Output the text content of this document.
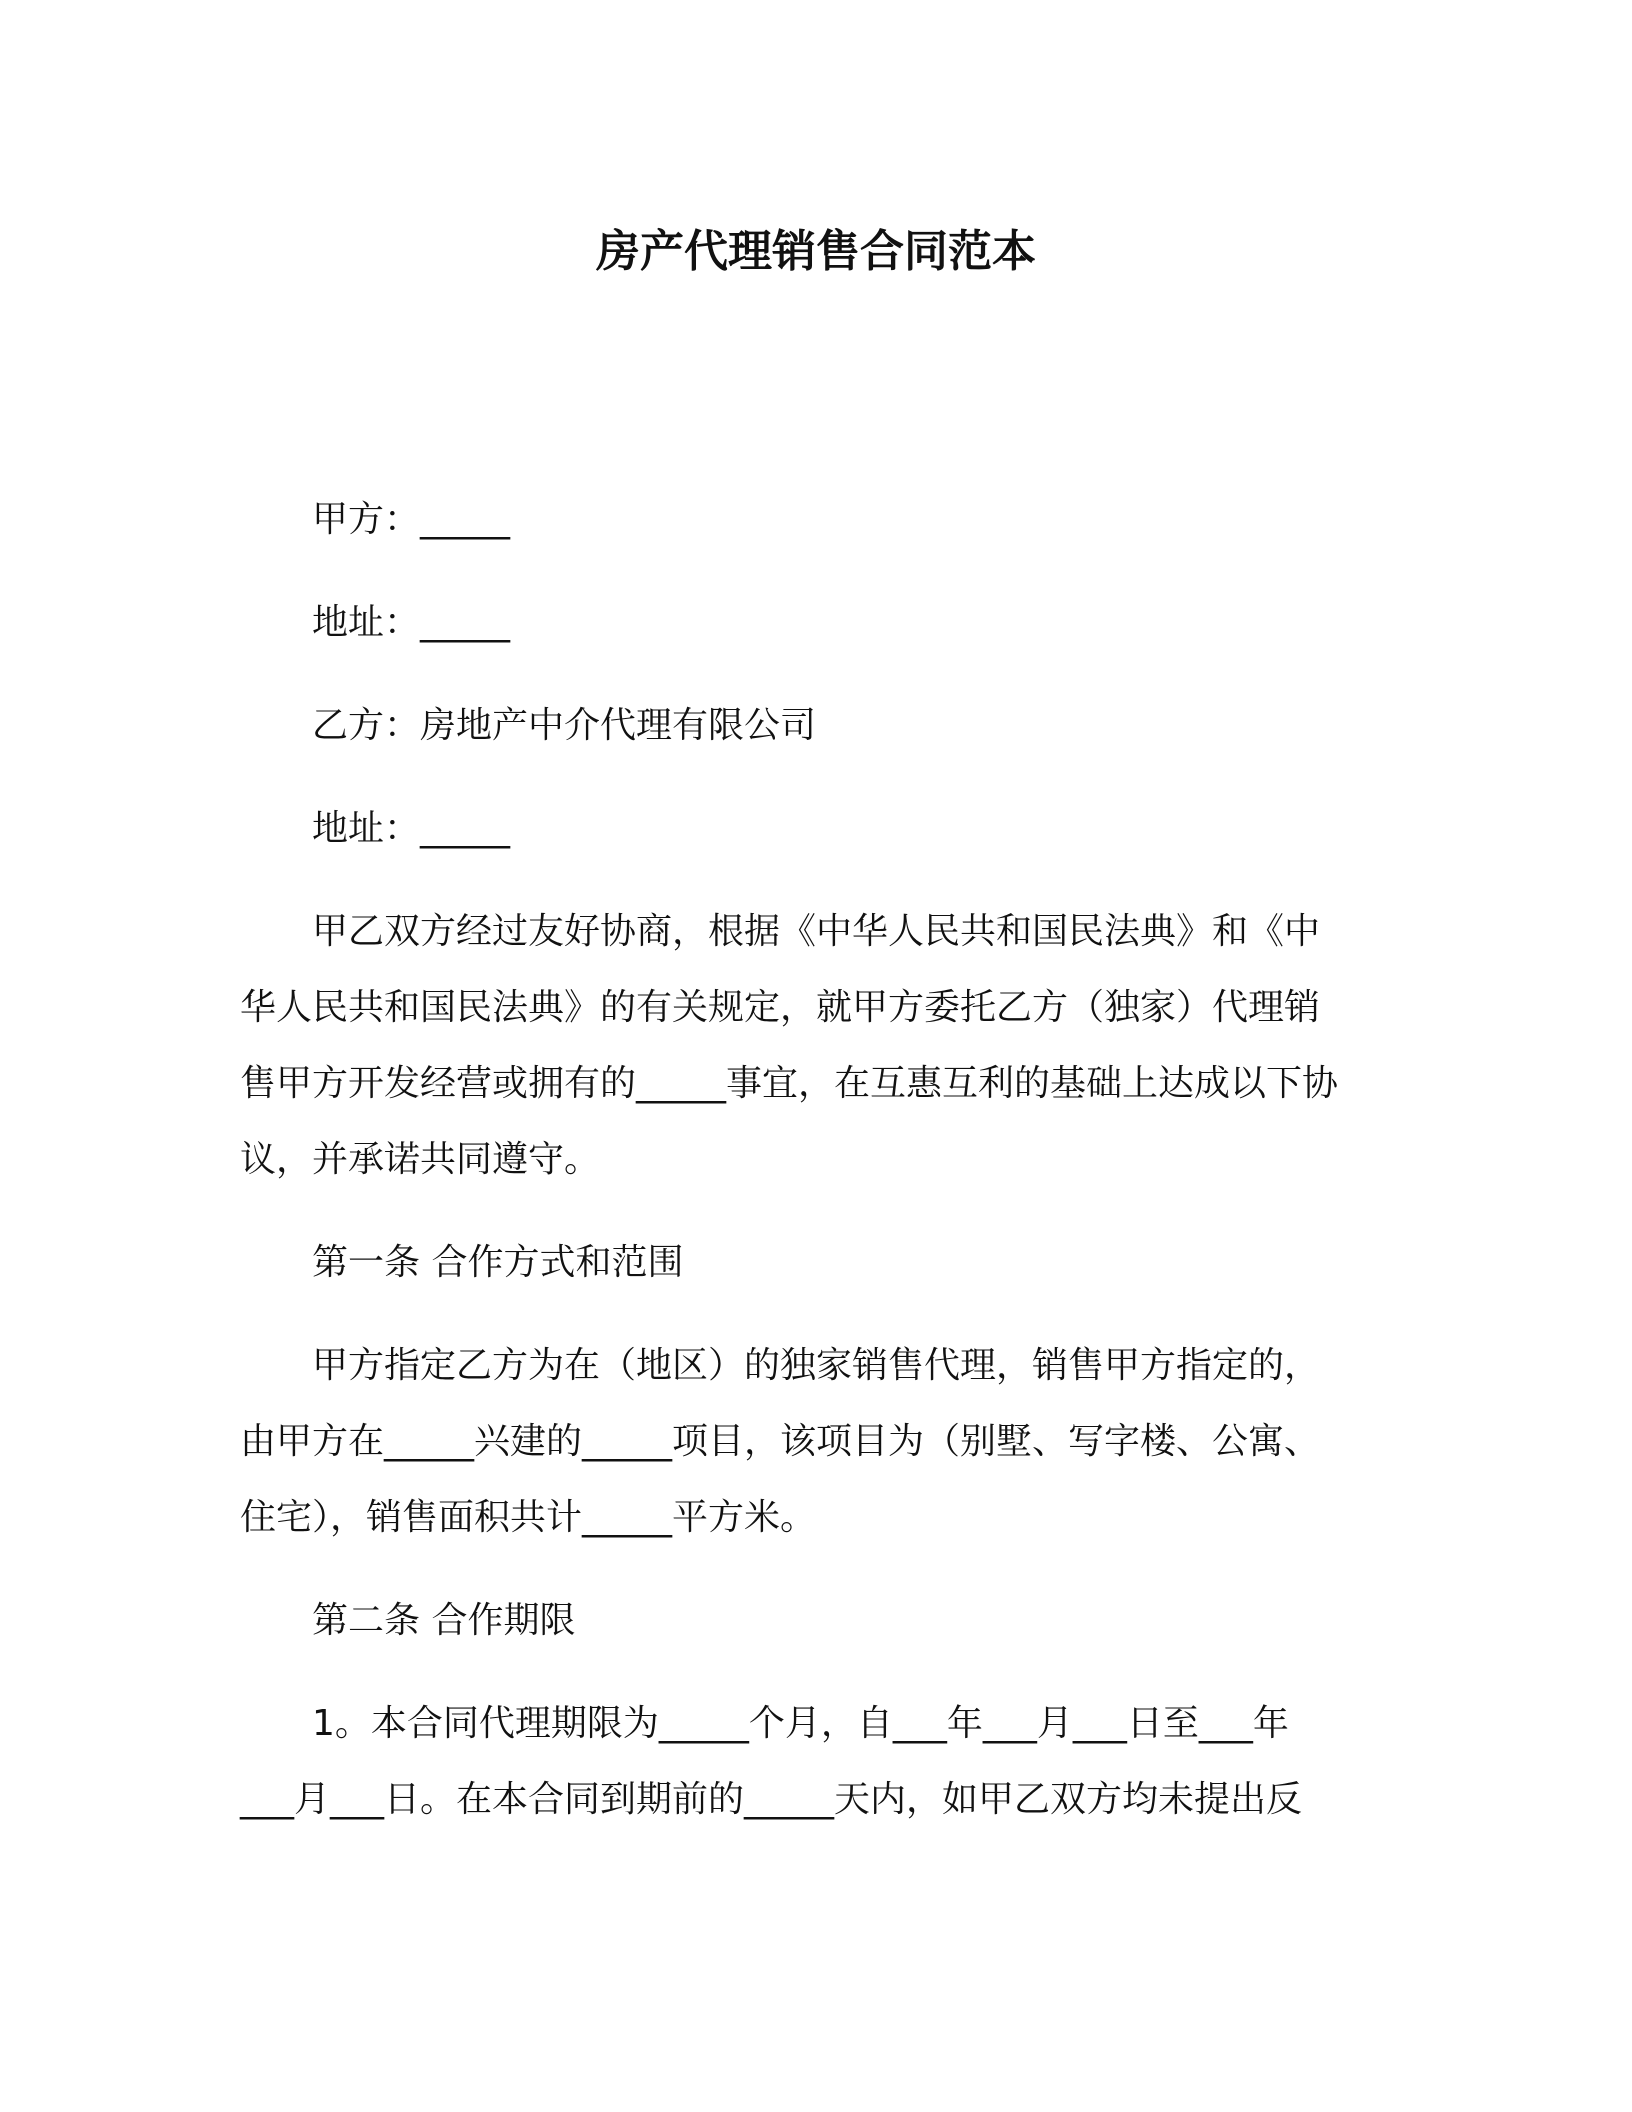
房产代理销售合同范本
甲方：_____
地址：_____
乙方：房地产中介代理有限公司
地址：_____
甲乙双方经过友好协商，根据《中华人民共和国民法典》和《中
华人民共和国民法典》的有关规定，就甲方委托乙方（独家）代理销
售甲方开发经营或拥有的_____事宜，在互惠互利的基础上达成以下协
议，并承诺共同遵守。
第一条 合作方式和范围
甲方指定乙方为在（地区）的独家销售代理，销售甲方指定的，
由甲方在_____兴建的_____项目，该项目为（别墅、写字楼、公寓、
住宅），销售面积共计_____平方米。
第二条 合作期限
1。本合同代理期限为_____个月，自___年___月___日至___年
___月___日。在本合同到期前的_____天内，如甲乙双方均未提出反
